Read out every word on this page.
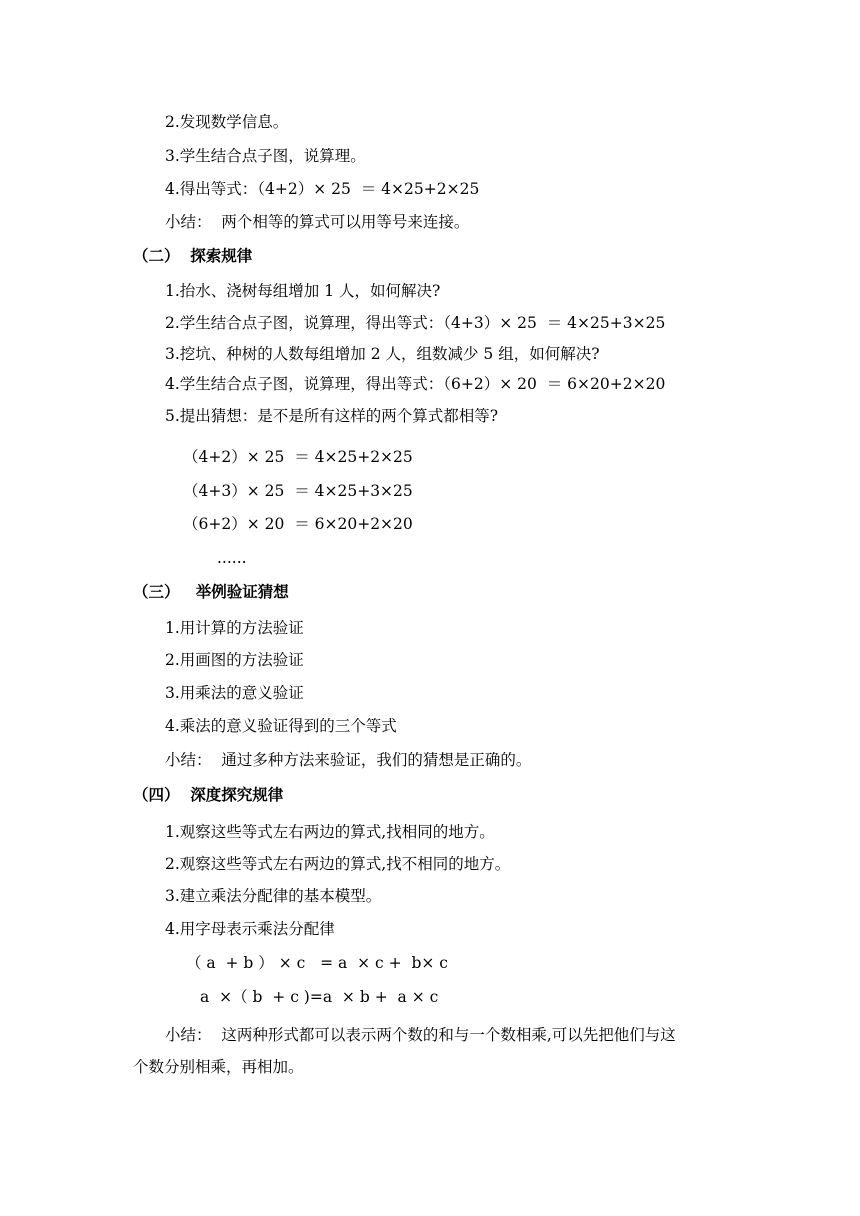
2.发现数学信息。
3.学生结合点子图，说算理。
4.得出等式：（4+2）× 25  ＝ 4×25+2×25
小结：  两个相等的算式可以用等号来连接。
（二）  探索规律
1.抬水、浇树每组增加 1 人，如何解决?
2.学生结合点子图，说算理，得出等式：（4+3）× 25  ＝ 4×25+3×25
3.挖坑、种树的人数每组增加 2 人，组数减少 5 组，如何解决?
4.学生结合点子图，说算理，得出等式：（6+2）× 20  ＝ 6×20+2×20
5.提出猜想：是不是所有这样的两个算式都相等?
（4+2）× 25  ＝ 4×25+2×25
（4+3）× 25  ＝ 4×25+3×25
（6+2）× 20  ＝ 6×20+2×20
......
（三）   举例验证猜想
1.用计算的方法验证
2.用画图的方法验证
3.用乘法的意义验证
4.乘法的意义验证得到的三个等式
小结：  通过多种方法来验证，我们的猜想是正确的。
（四）  深度探究规律
1.观察这些等式左右两边的算式,找相同的地方。
2.观察这些等式左右两边的算式,找不相同的地方。
3.建立乘法分配律的基本模型。
4.用字母表示乘法分配律
（ a  + b ） × c   = a  × c +  b× c
a  ×（ b  + c )=a  × b +  a × c
小结：  这两种形式都可以表示两个数的和与一个数相乘,可以先把他们与这
个数分别相乘，再相加。
